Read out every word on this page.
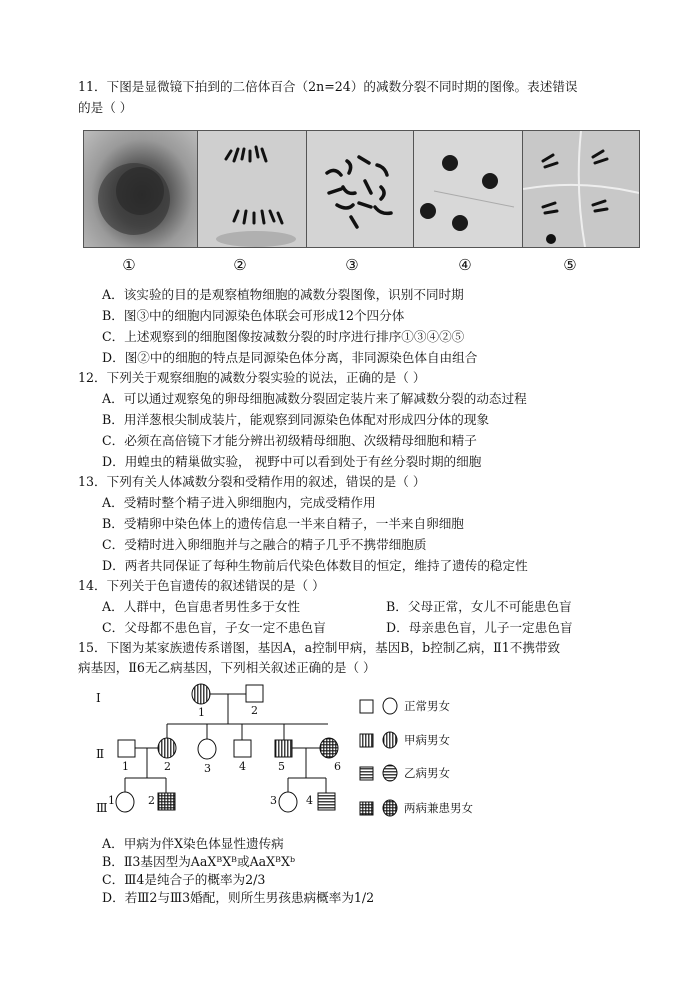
11．下图是显微镜下拍到的二倍体百合（2n=24）的减数分裂不同时期的图像。表述错误
的是（ ）
①	②	③	④	⑤
A．该实验的目的是观察植物细胞的减数分裂图像，识别不同时期
B．图③中的细胞内同源染色体联会可形成12个四分体
C．上述观察到的细胞图像按减数分裂的时序进行排序①③④②⑤
D．图②中的细胞的特点是同源染色体分离，非同源染色体自由组合
12．下列关于观察细胞的减数分裂实验的说法，正确的是（ ）
A．可以通过观察兔的卵母细胞减数分裂固定装片来了解减数分裂的动态过程
B．用洋葱根尖制成装片，能观察到同源染色体配对形成四分体的现象
C．必须在高倍镜下才能分辨出初级精母细胞、次级精母细胞和精子
D．用蝗虫的精巢做实验， 视野中可以看到处于有丝分裂时期的细胞
13．下列有关人体减数分裂和受精作用的叙述，错误的是（ ）
A．受精时整个精子进入卵细胞内，完成受精作用
B．受精卵中染色体上的遗传信息一半来自精子，一半来自卵细胞
C．受精时进入卵细胞并与之融合的精子几乎不携带细胞质
D．两者共同保证了每种生物前后代染色体数目的恒定，维持了遗传的稳定性
14．下列关于色盲遗传的叙述错误的是（ ）
A．人群中，色盲患者男性多于女性	B．父母正常，女儿不可能患色盲
C．父母都不患色盲，子女一定不患色盲	D．母亲患色盲，儿子一定患色盲
15．下图为某家族遗传系谱图，基因A，a控制甲病，基因B，b控制乙病，Ⅱ1不携带致
病基因，Ⅱ6无乙病基因，下列相关叙述正确的是（ ）
Ⅰ
Ⅱ
Ⅲ
1	2
1	2	3	4	5	6
1	2	3	4
正常男女
甲病男女
乙病男女
两病兼患男女
A．甲病为伴X染色体显性遗传病
B．Ⅱ3基因型为AaXᴮXᴮ或AaXᴮXᵇ
C．Ⅲ4是纯合子的概率为2/3
D．若Ⅲ2与Ⅲ3婚配，则所生男孩患病概率为1/2
